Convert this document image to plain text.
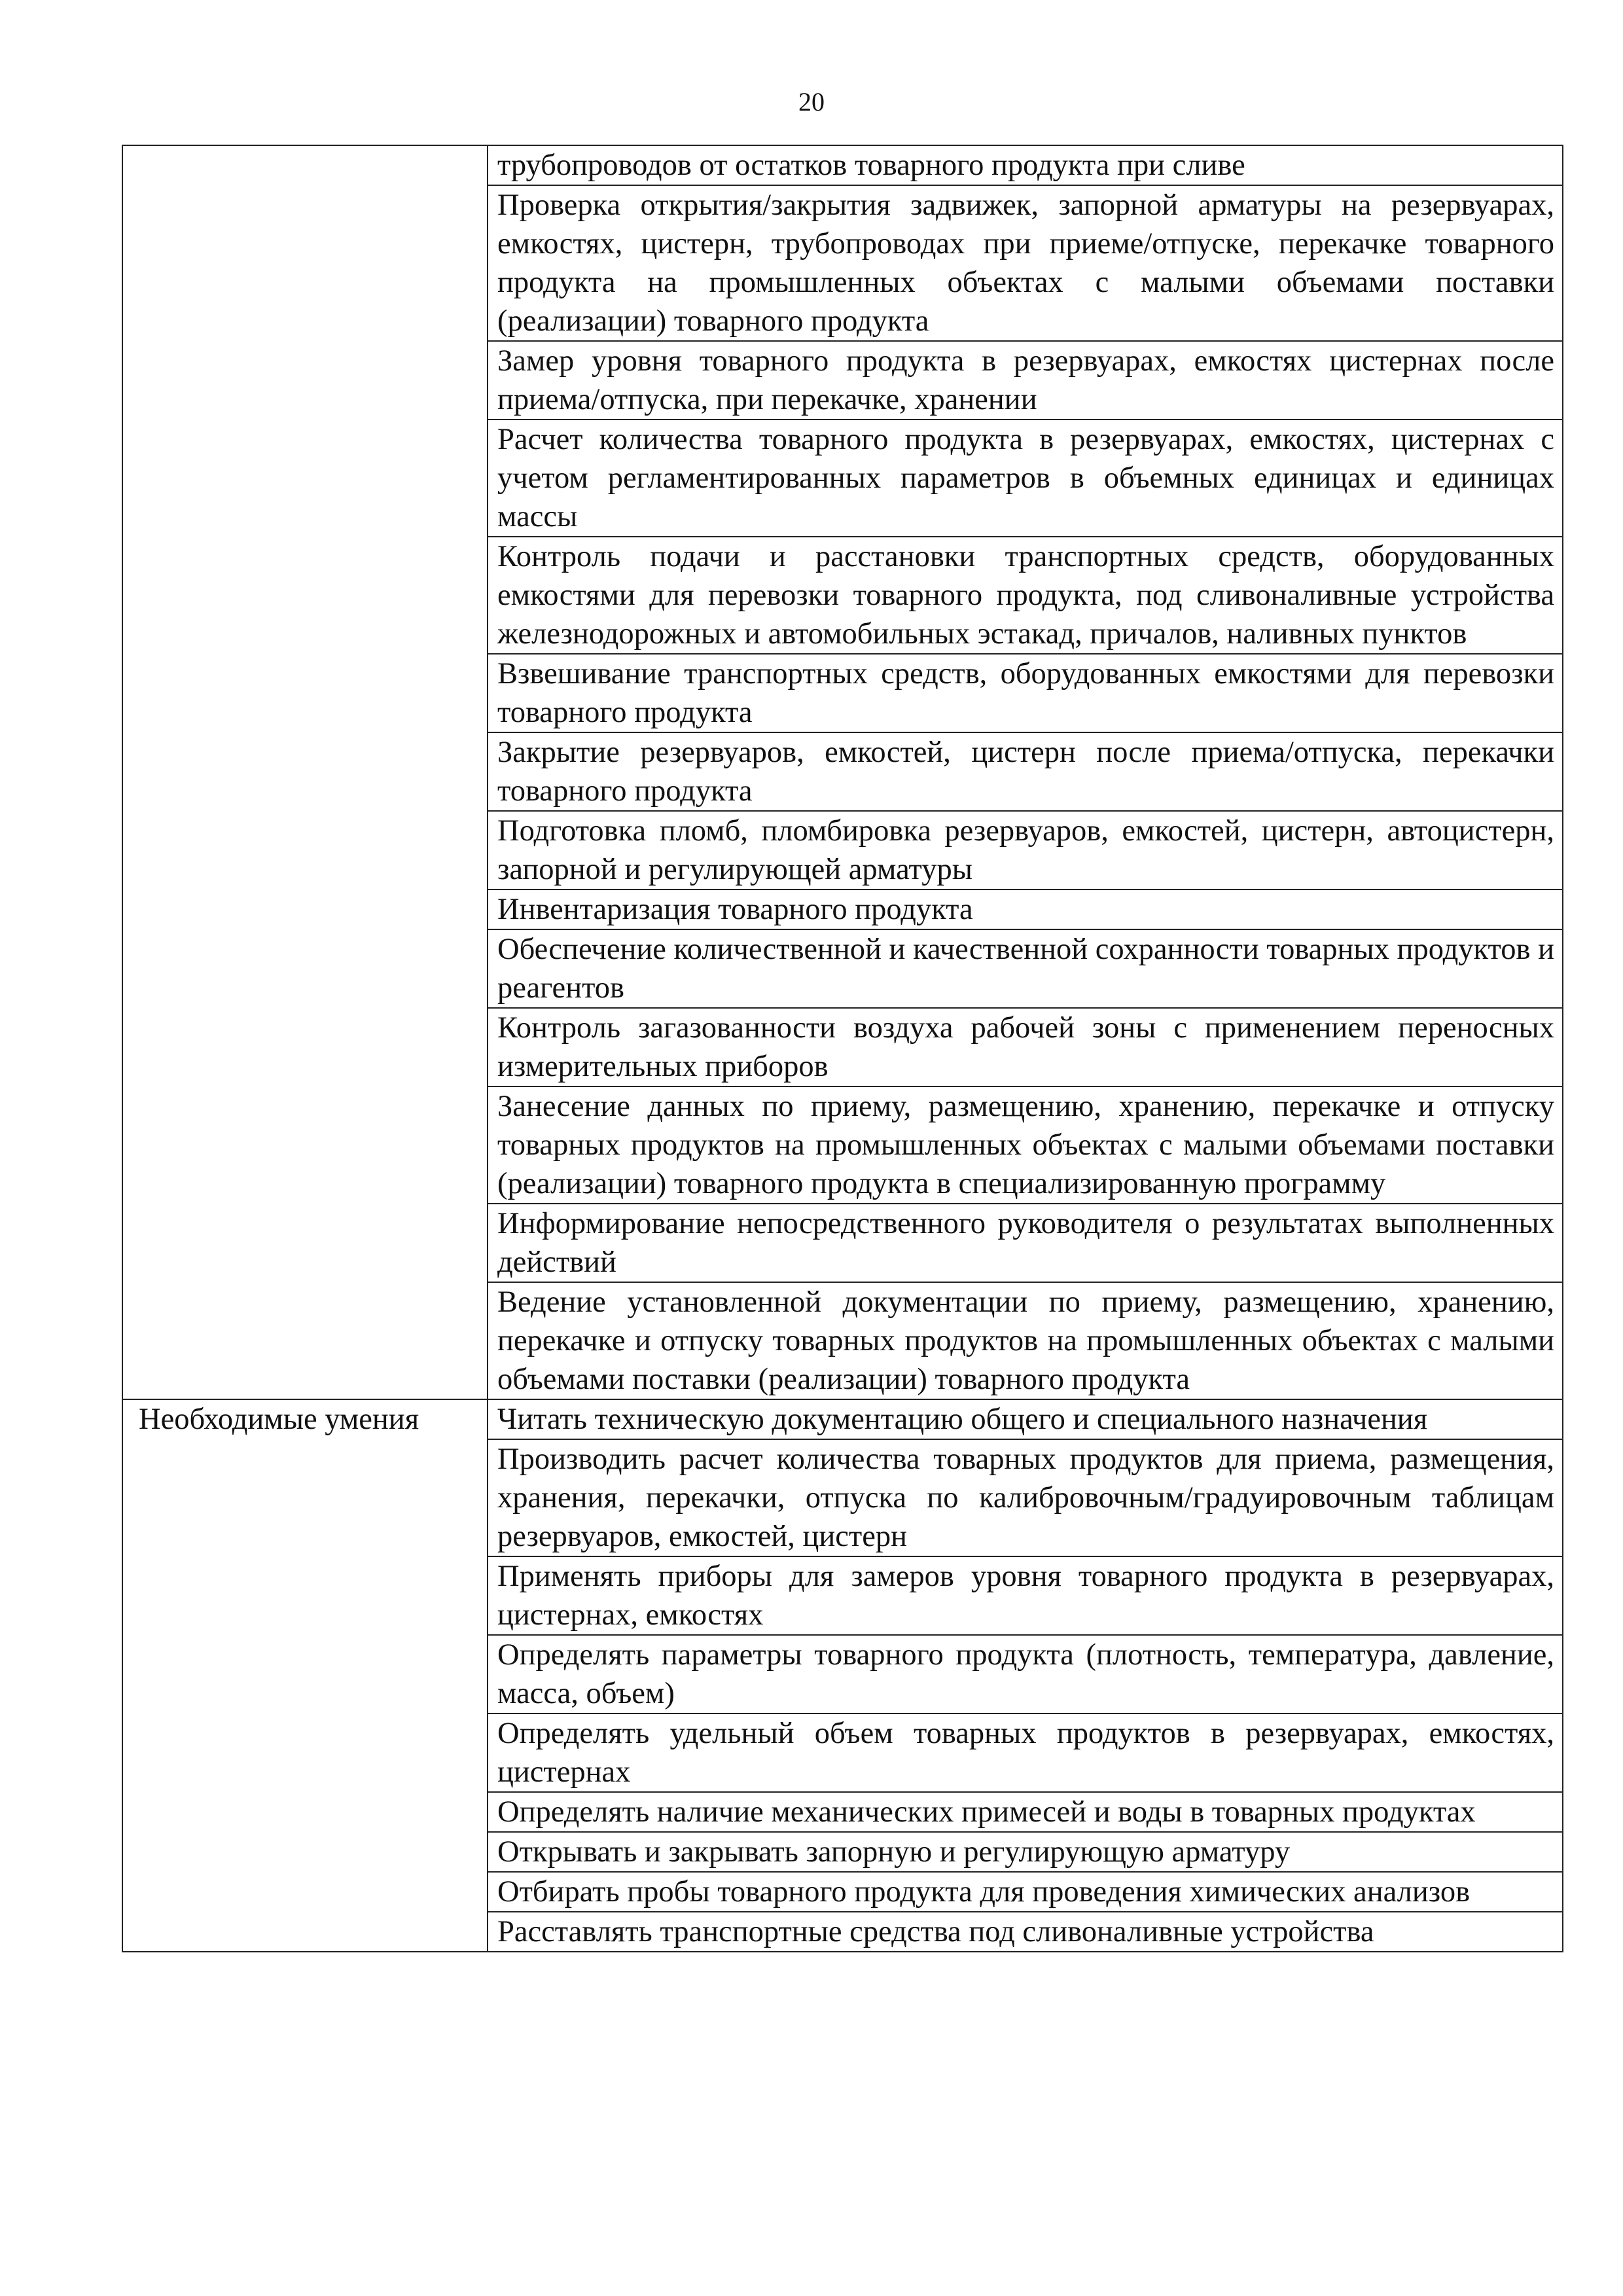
20
	трубопроводов от остатков товарного продукта при сливе
	Проверка открытия/закрытия задвижек, запорной арматуры на резервуарах, емкостях, цистерн, трубопроводах при приеме/отпуске, перекачке товарного продукта на промышленных объектах с малыми объемами поставки (реализации) товарного продукта
	Замер уровня товарного продукта в резервуарах, емкостях цистернах после приема/отпуска, при перекачке, хранении
	Расчет количества товарного продукта в резервуарах, емкостях, цистернах с учетом регламентированных параметров в объемных единицах и единицах массы
	Контроль подачи и расстановки транспортных средств, оборудованных емкостями для перевозки товарного продукта, под сливоналивные устройства железнодорожных и автомобильных эстакад, причалов, наливных пунктов
	Взвешивание транспортных средств, оборудованных емкостями для перевозки товарного продукта
	Закрытие резервуаров, емкостей, цистерн после приема/отпуска, перекачки товарного продукта
	Подготовка пломб, пломбировка резервуаров, емкостей, цистерн, автоцистерн, запорной и регулирующей арматуры
	Инвентаризация товарного продукта
	Обеспечение количественной и качественной сохранности товарных продуктов и реагентов
	Контроль загазованности воздуха рабочей зоны с применением переносных измерительных приборов
	Занесение данных по приему, размещению, хранению, перекачке и отпуску товарных продуктов на промышленных объектах с малыми объемами поставки (реализации) товарного продукта в специализированную программу
	Информирование непосредственного руководителя о результатах выполненных действий
	Ведение установленной документации по приему, размещению, хранению, перекачке и отпуску товарных продуктов на промышленных объектах с малыми объемами поставки (реализации) товарного продукта
Необходимые умения	Читать техническую документацию общего и специального назначения
	Производить расчет количества товарных продуктов для приема, размещения, хранения, перекачки, отпуска по калибровочным/градуировочным таблицам резервуаров, емкостей, цистерн
	Применять приборы для замеров уровня товарного продукта в резервуарах, цистернах, емкостях
	Определять параметры товарного продукта (плотность, температура, давление, масса, объем)
	Определять удельный объем товарных продуктов в резервуарах, емкостях, цистернах
	Определять наличие механических примесей и воды в товарных продуктах
	Открывать и закрывать запорную и регулирующую арматуру
	Отбирать пробы товарного продукта для проведения химических анализов
	Расставлять транспортные средства под сливоналивные устройства
